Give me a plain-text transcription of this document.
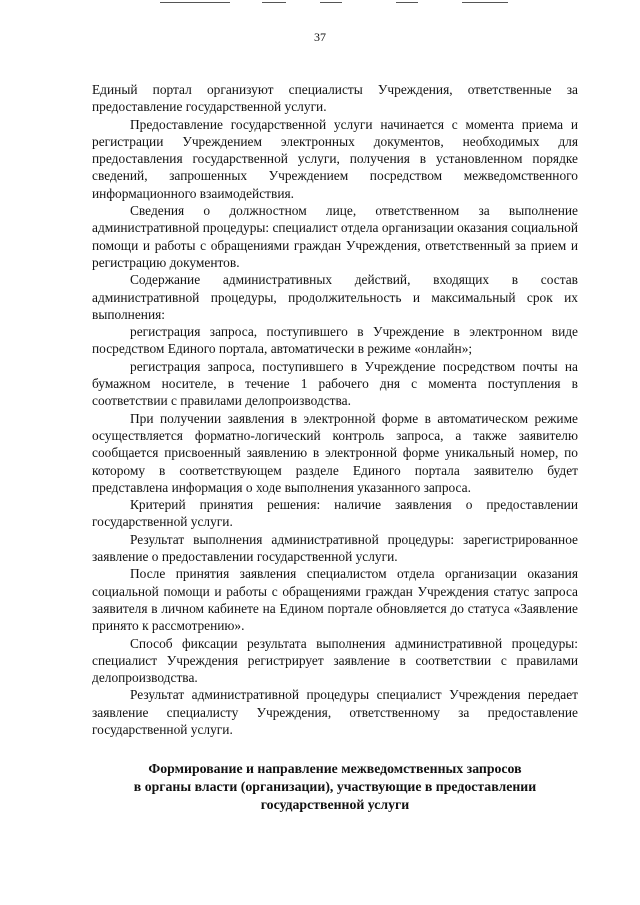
37

Единый портал организуют специалисты Учреждения, ответственные за предоставление государственной услуги.

Предоставление государственной услуги начинается с момента приема и регистрации Учреждением электронных документов, необходимых для предоставления государственной услуги, получения в установленном порядке сведений, запрошенных Учреждением посредством межведомственного информационного взаимодействия.

Сведения о должностном лице, ответственном за выполнение административной процедуры: специалист отдела организации оказания социальной помощи и работы с обращениями граждан Учреждения, ответственный за прием и регистрацию документов.

Содержание административных действий, входящих в состав административной процедуры, продолжительность и максимальный срок их выполнения:

регистрация запроса, поступившего в Учреждение в электронном виде посредством Единого портала, автоматически в режиме «онлайн»;

регистрация запроса, поступившего в Учреждение посредством почты на бумажном носителе, в течение 1 рабочего дня с момента поступления в соответствии с правилами делопроизводства.

При получении заявления в электронной форме в автоматическом режиме осуществляется форматно-логический контроль запроса, а также заявителю сообщается присвоенный заявлению в электронной форме уникальный номер, по которому в соответствующем разделе Единого портала заявителю будет представлена информация о ходе выполнения указанного запроса.

Критерий принятия решения: наличие заявления о предоставлении государственной услуги.

Результат выполнения административной процедуры: зарегистрированное заявление о предоставлении государственной услуги.

После принятия заявления специалистом отдела организации оказания социальной помощи и работы с обращениями граждан Учреждения статус запроса заявителя в личном кабинете на Едином портале обновляется до статуса «Заявление принято к рассмотрению».

Способ фиксации результата выполнения административной процедуры: специалист Учреждения регистрирует заявление в соответствии с правилами делопроизводства.

Результат административной процедуры специалист Учреждения передает заявление специалисту Учреждения, ответственному за предоставление государственной услуги.

Формирование и направление межведомственных запросов
в органы власти (организации), участвующие в предоставлении
государственной услуги
